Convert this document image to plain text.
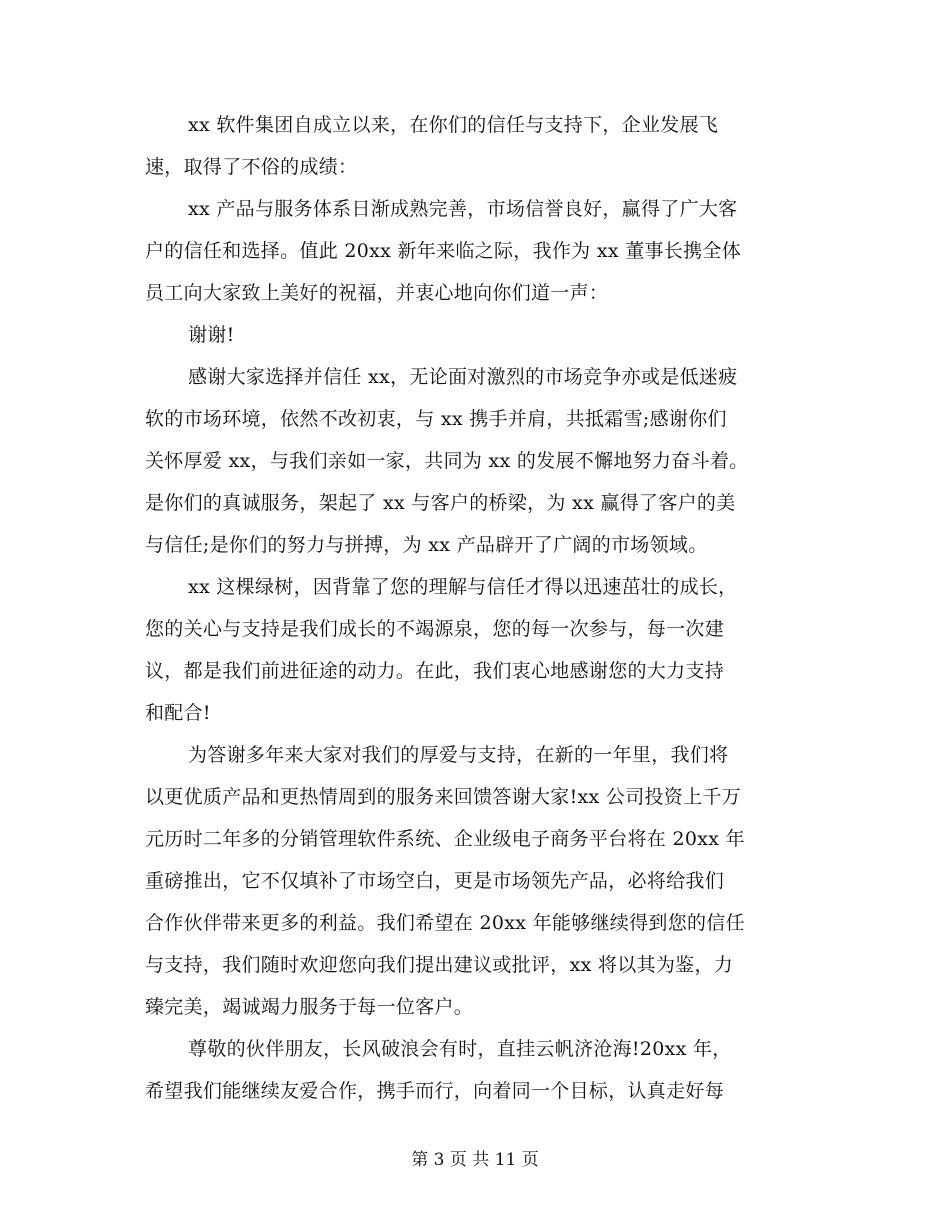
xx 软件集团自成立以来，在你们的信任与支持下，企业发展飞
速，取得了不俗的成绩：
xx 产品与服务体系日渐成熟完善，市场信誉良好，赢得了广大客
户的信任和选择。值此 20xx 新年来临之际，我作为 xx 董事长携全体
员工向大家致上美好的祝福，并衷心地向你们道一声：
谢谢!
感谢大家选择并信任 xx，无论面对激烈的市场竞争亦或是低迷疲
软的市场环境，依然不改初衷，与 xx 携手并肩，共抵霜雪;感谢你们
关怀厚爱 xx，与我们亲如一家，共同为 xx 的发展不懈地努力奋斗着。
是你们的真诚服务，架起了 xx 与客户的桥梁，为 xx 赢得了客户的美
与信任;是你们的努力与拼搏，为 xx 产品辟开了广阔的市场领域。
xx 这棵绿树，因背靠了您的理解与信任才得以迅速茁壮的成长，
您的关心与支持是我们成长的不竭源泉，您的每一次参与，每一次建
议，都是我们前进征途的动力。在此，我们衷心地感谢您的大力支持
和配合!
为答谢多年来大家对我们的厚爱与支持，在新的一年里，我们将
以更优质产品和更热情周到的服务来回馈答谢大家!xx 公司投资上千万
元历时二年多的分销管理软件系统、企业级电子商务平台将在 20xx 年
重磅推出，它不仅填补了市场空白，更是市场领先产品，必将给我们
合作伙伴带来更多的利益。我们希望在 20xx 年能够继续得到您的信任
与支持，我们随时欢迎您向我们提出建议或批评，xx 将以其为鉴，力
臻完美，竭诚竭力服务于每一位客户。
尊敬的伙伴朋友，长风破浪会有时，直挂云帆济沧海!20xx 年，
希望我们能继续友爱合作，携手而行，向着同一个目标，认真走好每
第 3 页 共 11 页
